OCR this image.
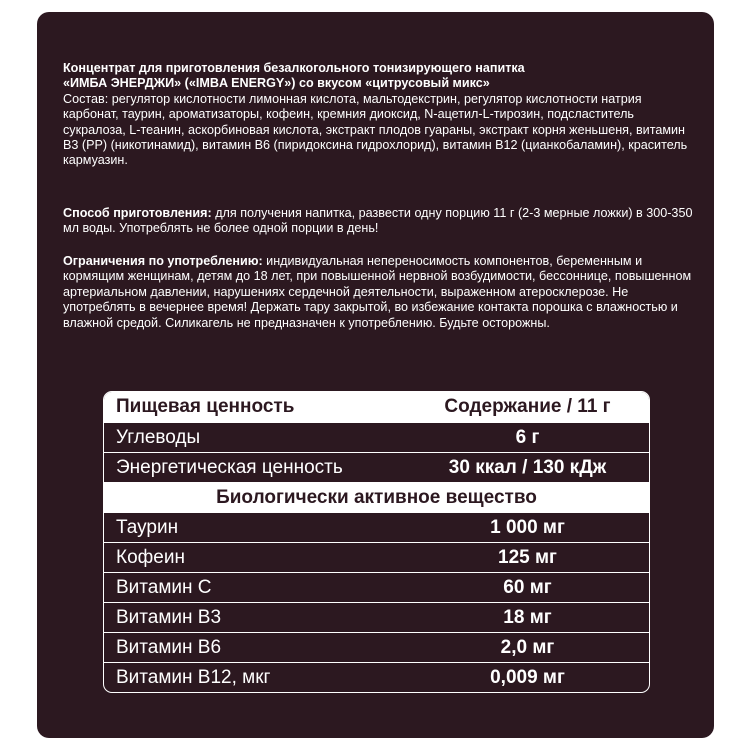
Концентрат для приготовления безалкогольного тонизирующего напитка

«ИМБА ЭНЕРДЖИ» («IMBA ENERGY») со вкусом «цитрусовый микс»

Состав: регулятор кислотности лимонная кислота, мальтодекстрин, регулятор кислотности натрия карбонат, таурин, ароматизаторы, кофеин, кремния диоксид, N-ацетил-L-тирозин, подсластитель сукралоза, L-теанин, аскорбиновая кислота, экстракт плодов гуараны, экстракт корня женьшеня, витамин В3 (РР) (никотинамид), витамин В6 (пиридоксина гидрохлорид), витамин В12 (цианкобаламин), краситель кармуазин.

Способ приготовления: для получения напитка, развести одну порцию 11 г (2-3 мерные ложки) в 300-350 мл воды. Употреблять не более одной порции в день!

Ограничения по употреблению: индивидуальная непереносимость компонентов, беременным и кормящим женщинам, детям до 18 лет, при повышенной нервной возбудимости, бессоннице, повышенном артериальном давлении, нарушениях сердечной деятельности, выраженном атеросклерозе. Не употреблять в вечернее время! Держать тару закрытой, во избежание контакта порошка с влажностью и влажной средой. Силикагель не предназначен к употреблению. Будьте осторожны.

Пищевая ценность	Содержание / 11 г
Углеводы	6 г
Энергетическая ценность	30 ккал / 130 кДж
Биологически активное вещество
Таурин	1 000 мг
Кофеин	125 мг
Витамин С	60 мг
Витамин В3	18 мг
Витамин В6	2,0 мг
Витамин В12, мкг	0,009 мг
